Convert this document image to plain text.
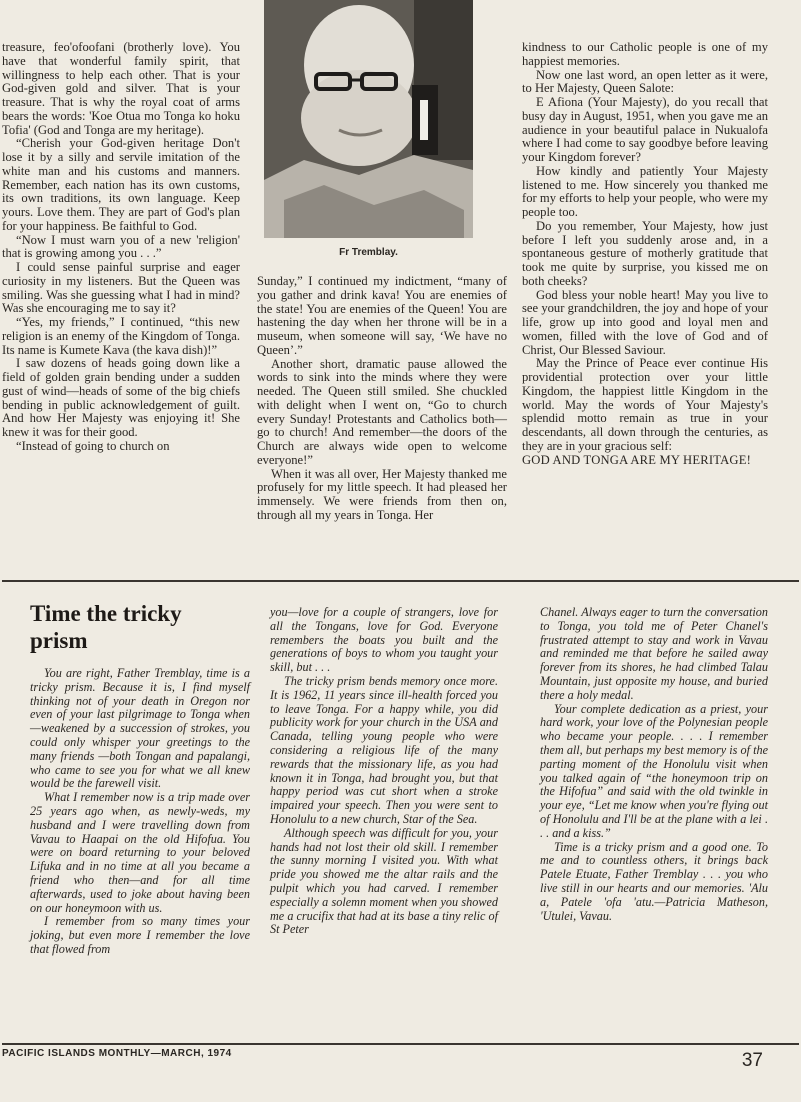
treasure, feo'ofoofani (brotherly love). You have that wonderful family spirit, that willingness to help each other. That is your God-given gold and silver. That is your treasure. That is why the royal coat of arms bears the words: 'Koe Otua mo Tonga ko hoku Tofia' (God and Tonga are my heritage).

“Cherish your God-given heritage Don't lose it by a silly and servile imitation of the white man and his customs and manners. Remember, each nation has its own customs, its own traditions, its own language. Keep yours. Love them. They are part of God's plan for your happiness. Be faithful to God.

“Now I must warn you of a new 'religion' that is growing among you . . .”

I could sense painful surprise and eager curiosity in my listeners. But the Queen was smiling. Was she guessing what I had in mind? Was she encouraging me to say it?

“Yes, my friends,” I continued, “this new religion is an enemy of the Kingdom of Tonga. Its name is Kumete Kava (the kava dish)!”

I saw dozens of heads going down like a field of golden grain bending under a sudden gust of wind—heads of some of the big chiefs bending in public acknowledgement of guilt. And how Her Majesty was enjoying it! She knew it was for their good.

“Instead of going to church on

Fr Tremblay.

Sunday,” I continued my indictment, “many of you gather and drink kava! You are enemies of the state! You are enemies of the Queen! You are hastening the day when her throne will be in a museum, when someone will say, ‘We have no Queen’.”

Another short, dramatic pause allowed the words to sink into the minds where they were needed. The Queen still smiled. She chuckled with delight when I went on, “Go to church every Sunday! Protestants and Catholics both—go to church! And remember—the doors of the Church are always wide open to welcome everyone!”

When it was all over, Her Majesty thanked me profusely for my little speech. It had pleased her immensely. We were friends from then on, through all my years in Tonga. Her

kindness to our Catholic people is one of my happiest memories.

Now one last word, an open letter as it were, to Her Majesty, Queen Salote:

E Afiona (Your Majesty), do you recall that busy day in August, 1951, when you gave me an audience in your beautiful palace in Nukualofa where I had come to say goodbye before leaving your Kingdom forever?

How kindly and patiently Your Majesty listened to me. How sincerely you thanked me for my efforts to help your people, who were my people too.

Do you remember, Your Majesty, how just before I left you suddenly arose and, in a spontaneous gesture of motherly gratitude that took me quite by surprise, you kissed me on both cheeks?

God bless your noble heart! May you live to see your grandchildren, the joy and hope of your life, grow up into good and loyal men and women, filled with the love of God and of Christ, Our Blessed Saviour.

May the Prince of Peace ever continue His providential protection over your little Kingdom, the happiest little Kingdom in the world. May the words of Your Majesty's splendid motto remain as true in your descendants, all down through the centuries, as they are in your gracious self:

GOD AND TONGA ARE MY HERITAGE!

Time the tricky prism

You are right, Father Tremblay, time is a tricky prism. Because it is, I find myself thinking not of your death in Oregon nor even of your last pilgrimage to Tonga when—weakened by a succession of strokes, you could only whisper your greetings to the many friends —both Tongan and papalangi, who came to see you for what we all knew would be the farewell visit.

What I remember now is a trip made over 25 years ago when, as newly-weds, my husband and I were travelling down from Vavau to Haapai on the old Hifofua. You were on board returning to your beloved Lifuka and in no time at all you became a friend who then—and for all time afterwards, used to joke about having been on our honeymoon with us.

I remember from so many times your joking, but even more I remember the love that flowed from

you—love for a couple of strangers, love for all the Tongans, love for God. Everyone remembers the boats you built and the generations of boys to whom you taught your skill, but . . .

The tricky prism bends memory once more. It is 1962, 11 years since ill-health forced you to leave Tonga. For a happy while, you did publicity work for your church in the USA and Canada, telling young people who were considering a religious life of the many rewards that the missionary life, as you had known it in Tonga, had brought you, but that happy period was cut short when a stroke impaired your speech. Then you were sent to Honolulu to a new church, Star of the Sea.

Although speech was difficult for you, your hands had not lost their old skill. I remember the sunny morning I visited you. With what pride you showed me the altar rails and the pulpit which you had carved. I remember especially a solemn moment when you showed me a crucifix that had at its base a tiny relic of St Peter

Chanel. Always eager to turn the conversation to Tonga, you told me of Peter Chanel's frustrated attempt to stay and work in Vavau and reminded me that before he sailed away forever from its shores, he had climbed Talau Mountain, just opposite my house, and buried there a holy medal.

Your complete dedication as a priest, your hard work, your love of the Polynesian people who became your people. . . . I remember them all, but perhaps my best memory is of the parting moment of the Honolulu visit when you talked again of “the honeymoon trip on the Hifofua” and said with the old twinkle in your eye, “Let me know when you're flying out of Honolulu and I'll be at the plane with a lei . . . and a kiss.”

Time is a tricky prism and a good one. To me and to countless others, it brings back Patele Etuate, Father Tremblay . . . you who live still in our hearts and our memories. 'Alu a, Patele 'ofa 'atu.—Patricia Matheson, 'Utulei, Vavau.

PACIFIC ISLANDS MONTHLY—MARCH, 1974	37
